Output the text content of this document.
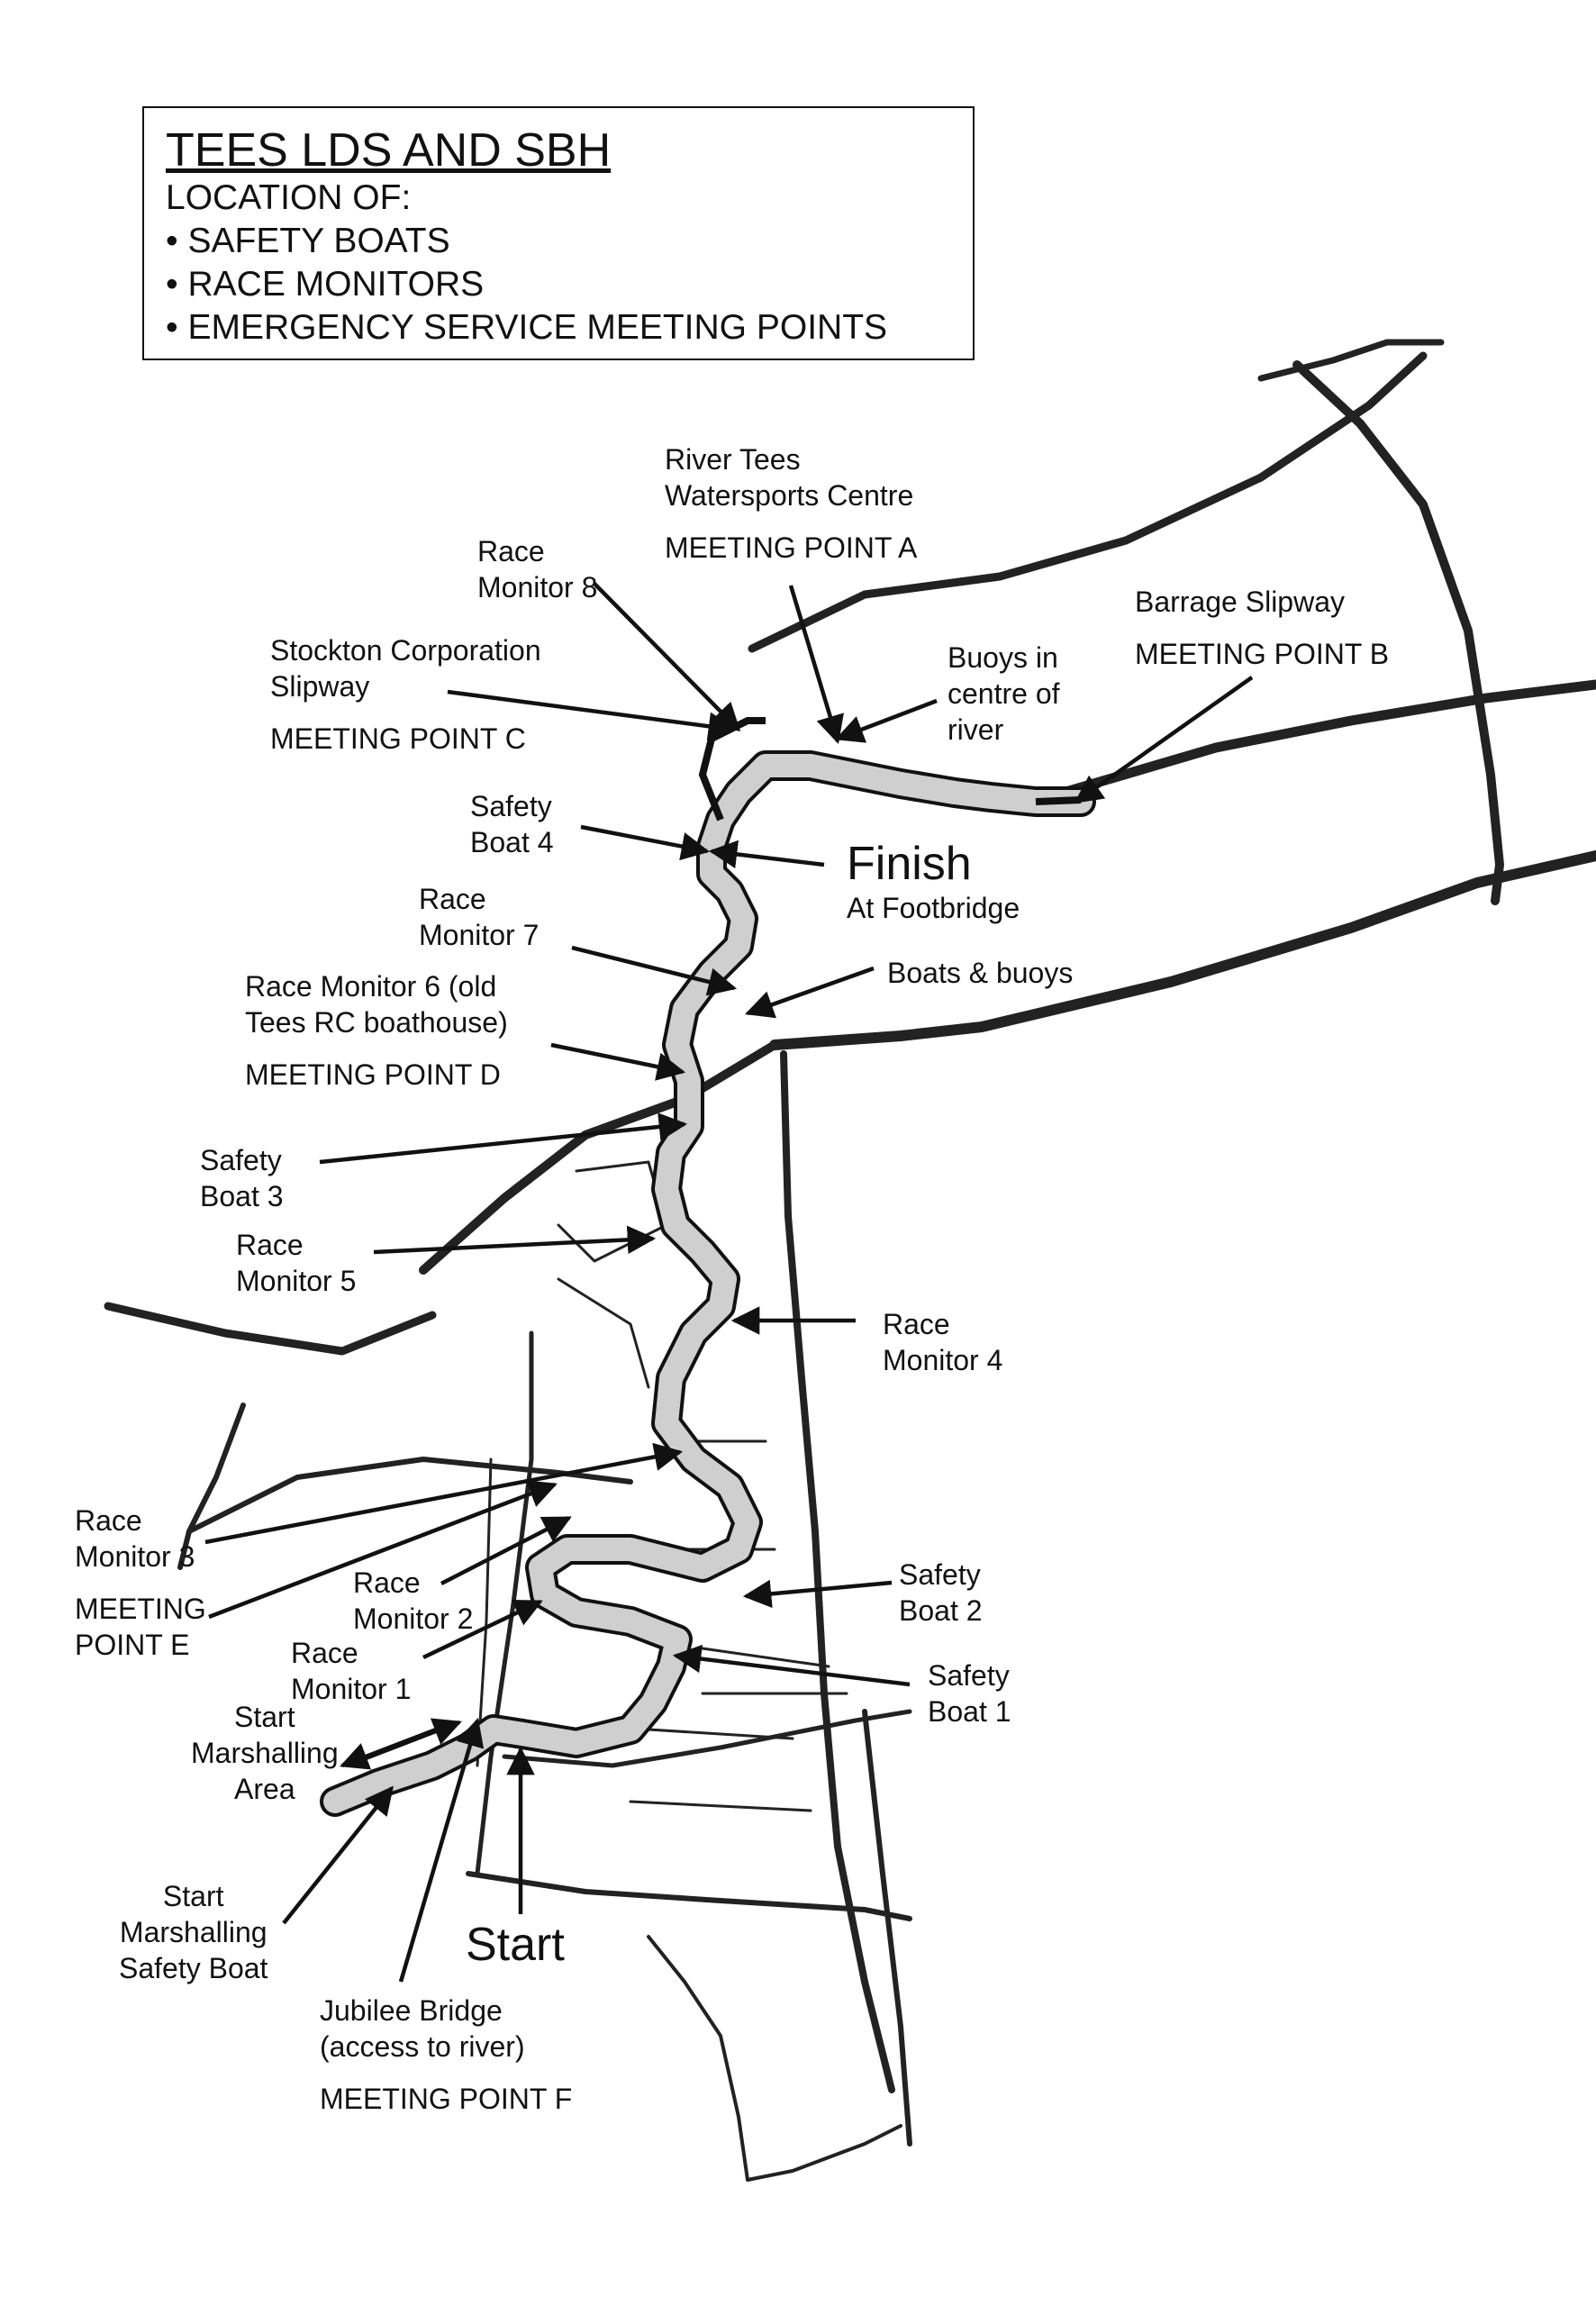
TEES LDS AND SBH
LOCATION OF:
• SAFETY BOATS
• RACE MONITORS
• EMERGENCY SERVICE MEETING POINTS
River Tees
Watersports Centre
MEETING POINT A
Race
Monitor 8	Barrage Slipway
MEETING POINT B
Stockton Corporation
Slipway
MEETING POINT C
Buoys in
centre of
river
Safety
Boat 4	Finish
At Footbridge
Race
Monitor 7
Boats & buoys
Race Monitor 6 (old
Tees RC boathouse)
MEETING POINT D
Safety
Boat 3
Race
Monitor 5
Race
Monitor 4
Race
Monitor 3
MEETING
POINT E
Race
Monitor 2
Safety
Boat 2
Race
Monitor 1	Safety
Boat 1
Start
Marshalling
Area
Start
Marshalling
Safety Boat	Start
Jubilee Bridge
(access to river)
MEETING POINT F
